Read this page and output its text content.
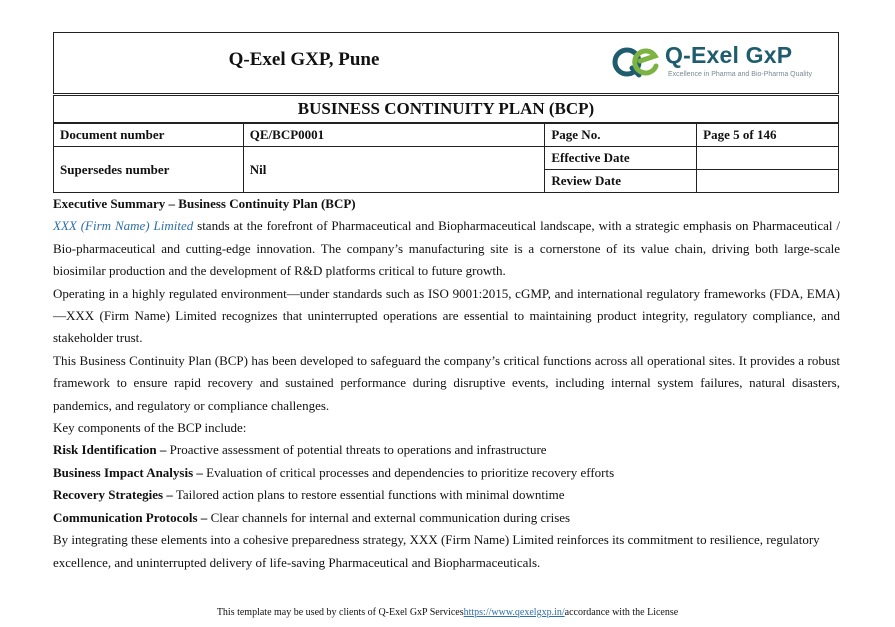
Q-Exel GXP, Pune	Q-Exel GxP
Excellence in Pharma and Bio-Pharma Quality
BUSINESS CONTINUITY PLAN (BCP)
Document number	QE/BCP0001	Page No.	Page 5 of 146
Supersedes number	Nil	Effective Date	
		Review Date	

Executive Summary – Business Continuity Plan (BCP)

XXX (Firm Name) Limited stands at the forefront of Pharmaceutical and Biopharmaceutical landscape, with a strategic emphasis on Pharmaceutical / Bio-pharmaceutical and cutting-edge innovation. The company’s manufacturing site is a cornerstone of its value chain, driving both large-scale biosimilar production and the development of R&D platforms critical to future growth.

Operating in a highly regulated environment—under standards such as ISO 9001:2015, cGMP, and international regulatory frameworks (FDA, EMA)—XXX (Firm Name) Limited recognizes that uninterrupted operations are essential to maintaining product integrity, regulatory compliance, and stakeholder trust.

This Business Continuity Plan (BCP) has been developed to safeguard the company’s critical functions across all operational sites. It provides a robust framework to ensure rapid recovery and sustained performance during disruptive events, including internal system failures, natural disasters, pandemics, and regulatory or compliance challenges.

Key components of the BCP include:

Risk Identification – Proactive assessment of potential threats to operations and infrastructure

Business Impact Analysis – Evaluation of critical processes and dependencies to prioritize recovery efforts

Recovery Strategies – Tailored action plans to restore essential functions with minimal downtime

Communication Protocols – Clear channels for internal and external communication during crises

By integrating these elements into a cohesive preparedness strategy, XXX (Firm Name) Limited reinforces its commitment to resilience, regulatory excellence, and uninterrupted delivery of life-saving Pharmaceutical and Biopharmaceuticals.

This template may be used by clients of Q-Exel GxP Serviceshttps://www.qexelgxp.in/accordance with the License
